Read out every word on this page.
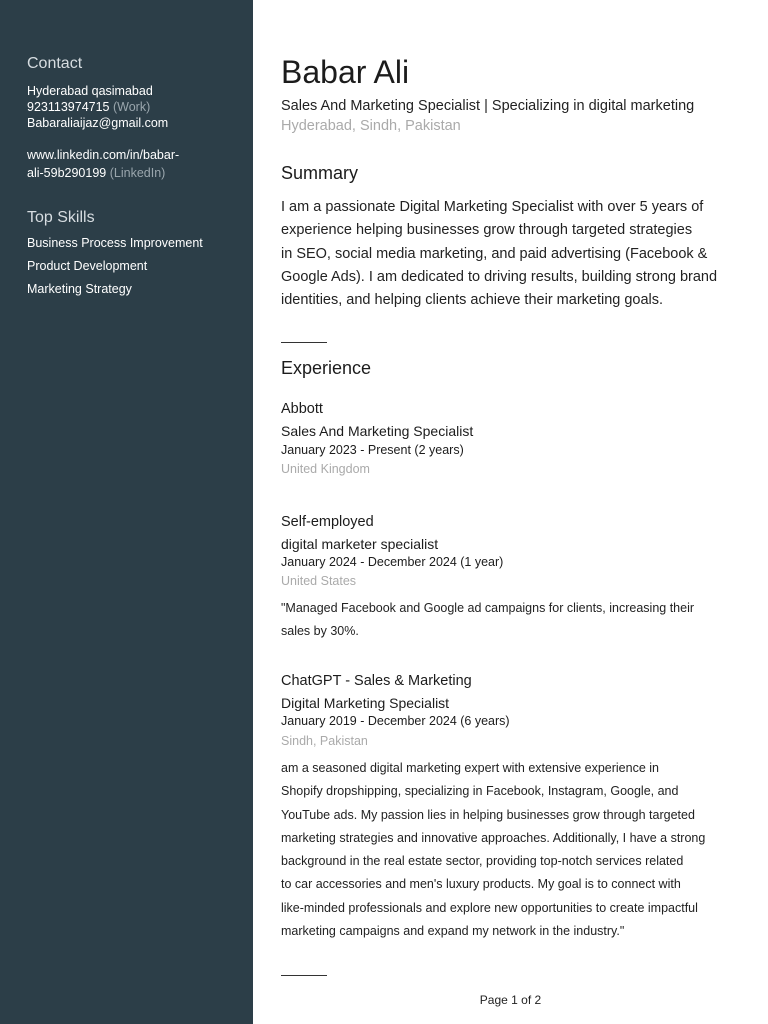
Contact
Hyderabad qasimabad
923113974715 (Work)
Babaraliaijaz@gmail.com
www.linkedin.com/in/babar-
ali-59b290199 (LinkedIn)
Top Skills
Business Process Improvement
Product Development
Marketing Strategy
Babar Ali
Sales And Marketing Specialist | Specializing in digital marketing
Hyderabad, Sindh, Pakistan
Summary
I am a passionate Digital Marketing Specialist with over 5 years of
experience helping businesses grow through targeted strategies
in SEO, social media marketing, and paid advertising (Facebook &
Google Ads). I am dedicated to driving results, building strong brand
identities, and helping clients achieve their marketing goals.
Experience
Abbott
Sales And Marketing Specialist
January 2023 - Present (2 years)
United Kingdom
Self-employed
digital marketer specialist
January 2024 - December 2024 (1 year)
United States
"Managed Facebook and Google ad campaigns for clients, increasing their
sales by 30%.
ChatGPT - Sales & Marketing
Digital Marketing Specialist
January 2019 - December 2024 (6 years)
Sindh, Pakistan
am a seasoned digital marketing expert with extensive experience in
Shopify dropshipping, specializing in Facebook, Instagram, Google, and
YouTube ads. My passion lies in helping businesses grow through targeted
marketing strategies and innovative approaches. Additionally, I have a strong
background in the real estate sector, providing top-notch services related
to car accessories and men's luxury products. My goal is to connect with
like-minded professionals and explore new opportunities to create impactful
marketing campaigns and expand my network in the industry."
Page 1 of 2
